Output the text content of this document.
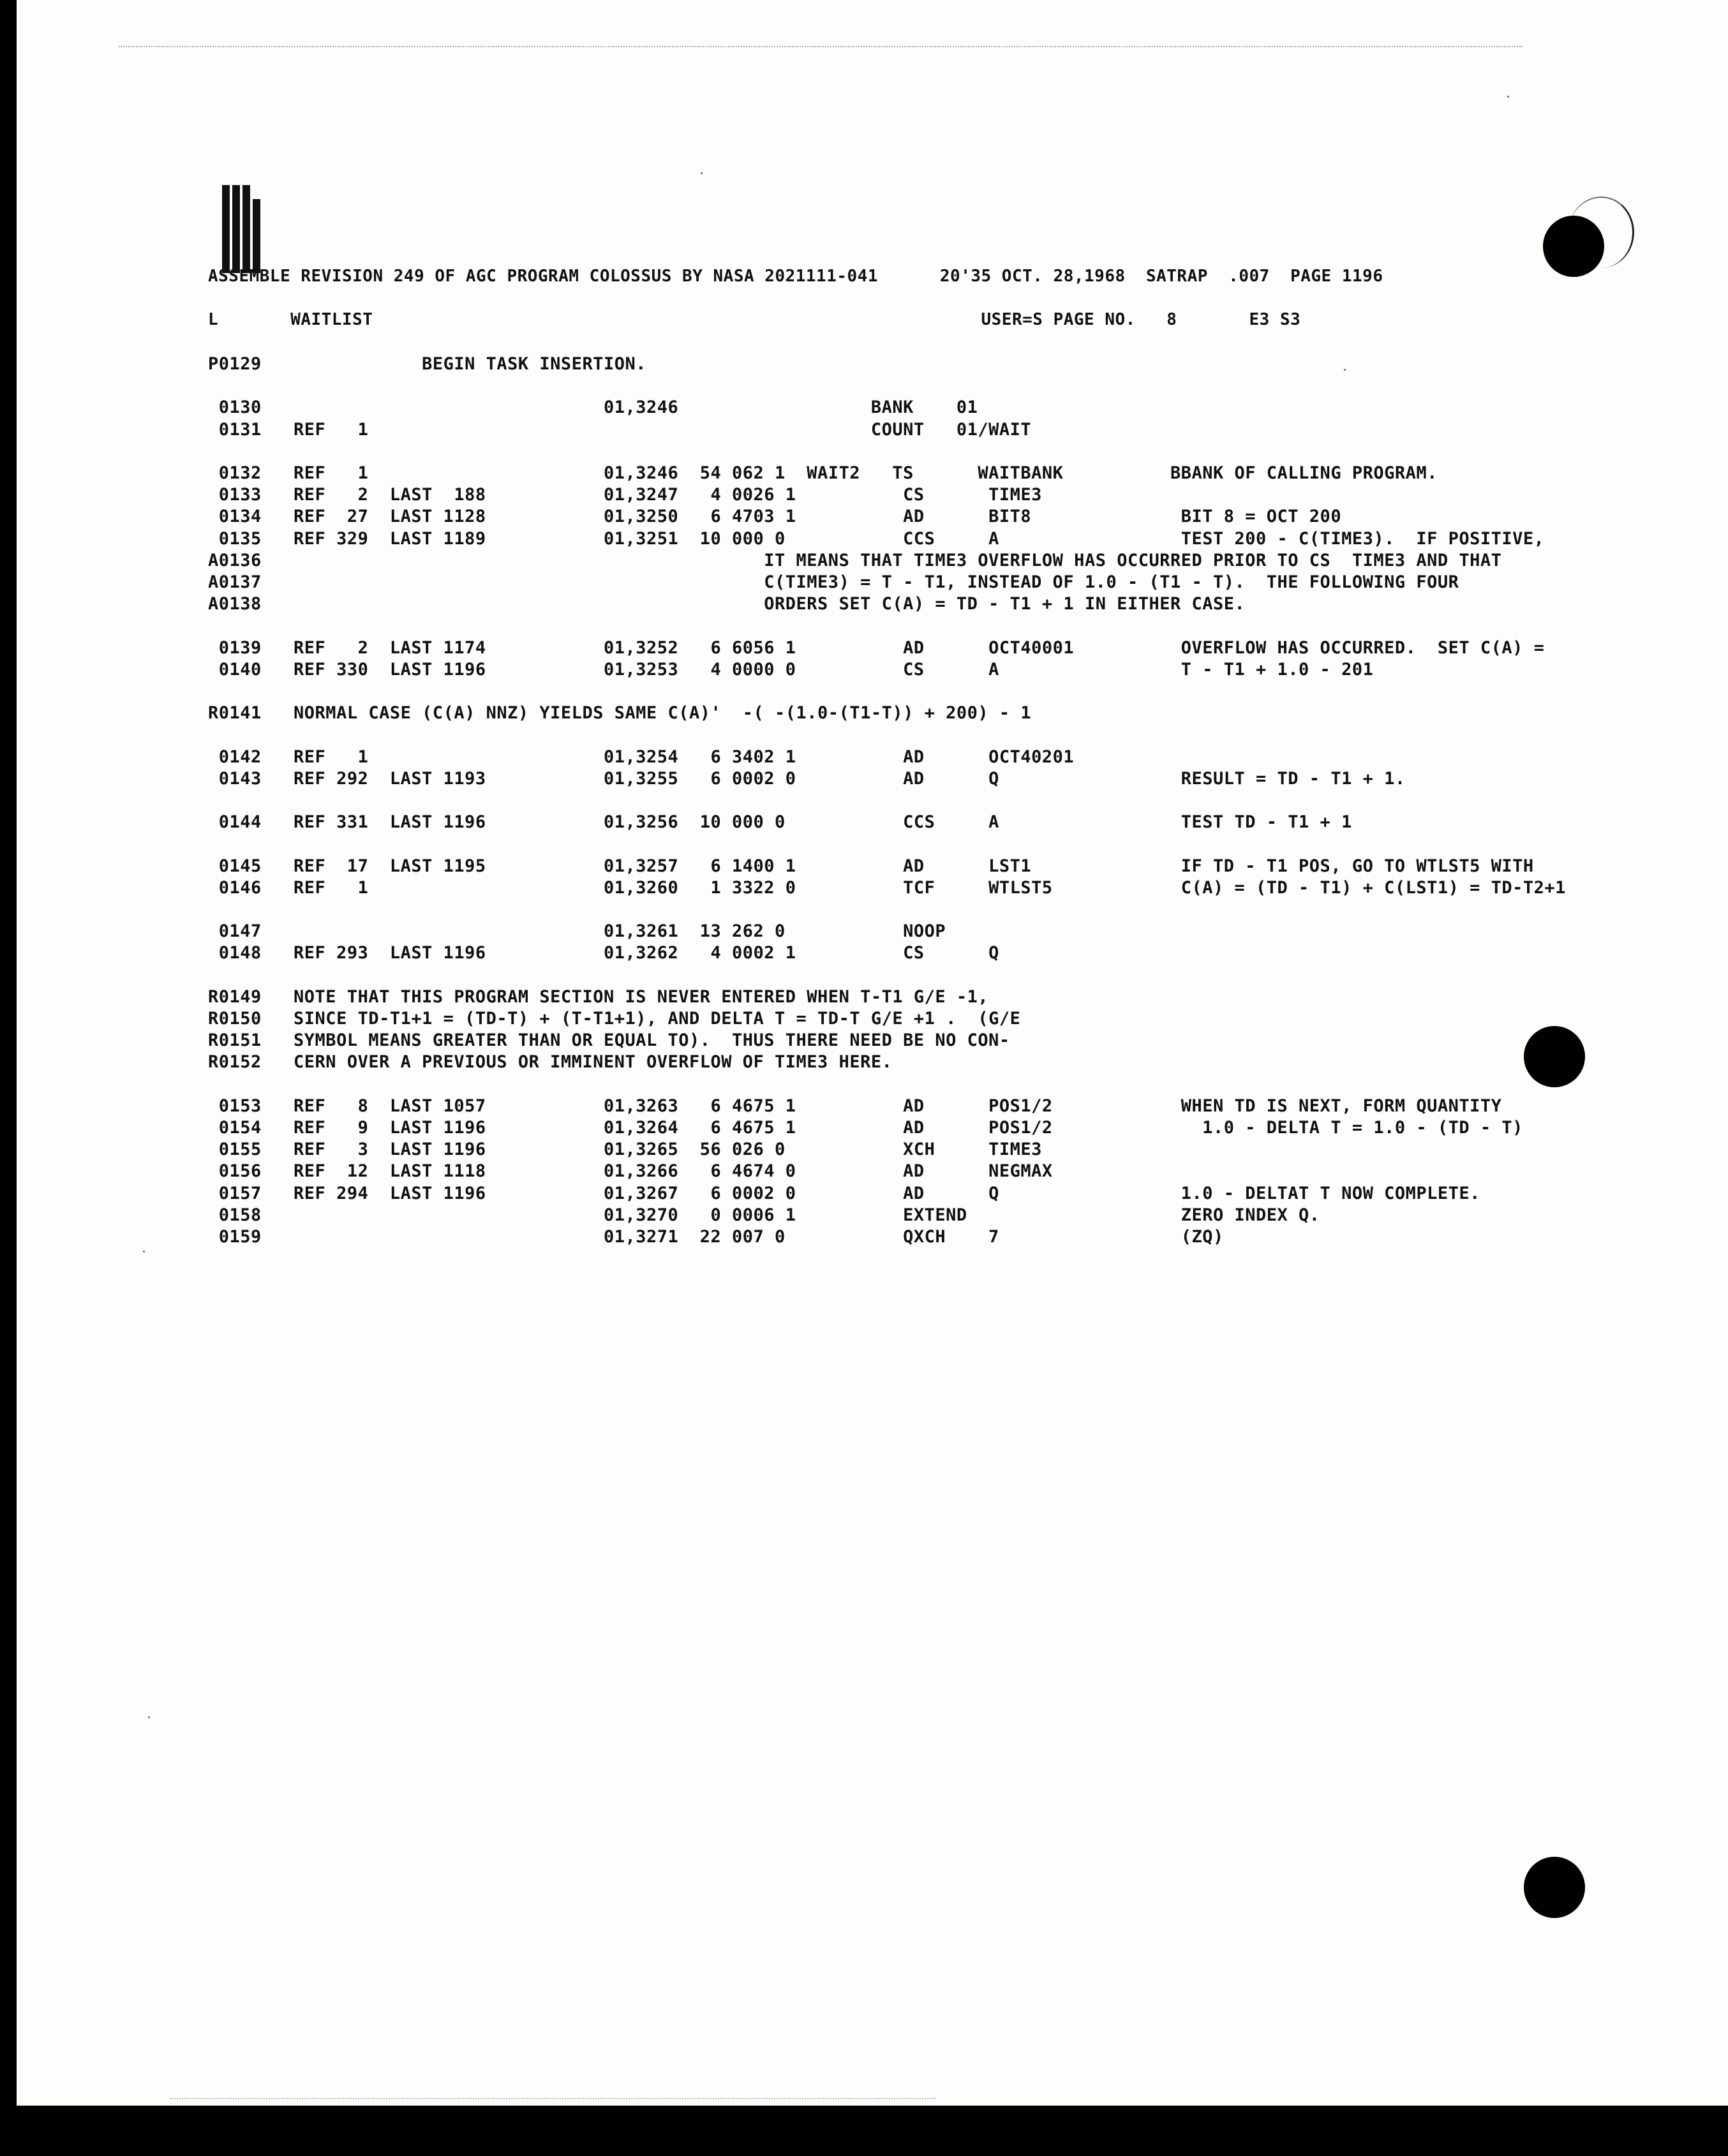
ASSEMBLE REVISION 249 OF AGC PROGRAM COLOSSUS BY NASA 2021111-041      20'35 OCT. 28,1968  SATRAP  .007  PAGE 1196
L       WAITLIST                                                           USER=S PAGE NO.   8       E3 S3
P0129               BEGIN TASK INSERTION.
0130                                01,3246                  BANK    01
0131   REF   1                                               COUNT   01/WAIT
0132   REF   1                      01,3246  54 062 1  WAIT2   TS      WAITBANK          BBANK OF CALLING PROGRAM.
0133   REF   2  LAST  188           01,3247   4 0026 1          CS      TIME3
0134   REF  27  LAST 1128           01,3250   6 4703 1          AD      BIT8              BIT 8 = OCT 200
0135   REF 329  LAST 1189           01,3251  10 000 0           CCS     A                 TEST 200 - C(TIME3).  IF POSITIVE,
A0136                                               IT MEANS THAT TIME3 OVERFLOW HAS OCCURRED PRIOR TO CS  TIME3 AND THAT
A0137                                               C(TIME3) = T - T1, INSTEAD OF 1.0 - (T1 - T).  THE FOLLOWING FOUR
A0138                                               ORDERS SET C(A) = TD - T1 + 1 IN EITHER CASE.
0139   REF   2  LAST 1174           01,3252   6 6056 1          AD      OCT40001          OVERFLOW HAS OCCURRED.  SET C(A) =
0140   REF 330  LAST 1196           01,3253   4 0000 0          CS      A                 T - T1 + 1.0 - 201
R0141   NORMAL CASE (C(A) NNZ) YIELDS SAME C(A)'  -( -(1.0-(T1-T)) + 200) - 1
0142   REF   1                      01,3254   6 3402 1          AD      OCT40201
0143   REF 292  LAST 1193           01,3255   6 0002 0          AD      Q                 RESULT = TD - T1 + 1.
0144   REF 331  LAST 1196           01,3256  10 000 0           CCS     A                 TEST TD - T1 + 1
0145   REF  17  LAST 1195           01,3257   6 1400 1          AD      LST1              IF TD - T1 POS, GO TO WTLST5 WITH
0146   REF   1                      01,3260   1 3322 0          TCF     WTLST5            C(A) = (TD - T1) + C(LST1) = TD-T2+1
0147                                01,3261  13 262 0           NOOP
0148   REF 293  LAST 1196           01,3262   4 0002 1          CS      Q
R0149   NOTE THAT THIS PROGRAM SECTION IS NEVER ENTERED WHEN T-T1 G/E -1,
R0150   SINCE TD-T1+1 = (TD-T) + (T-T1+1), AND DELTA T = TD-T G/E +1 .  (G/E
R0151   SYMBOL MEANS GREATER THAN OR EQUAL TO).  THUS THERE NEED BE NO CON-
R0152   CERN OVER A PREVIOUS OR IMMINENT OVERFLOW OF TIME3 HERE.
0153   REF   8  LAST 1057           01,3263   6 4675 1          AD      POS1/2            WHEN TD IS NEXT, FORM QUANTITY
0154   REF   9  LAST 1196           01,3264   6 4675 1          AD      POS1/2              1.0 - DELTA T = 1.0 - (TD - T)
0155   REF   3  LAST 1196           01,3265  56 026 0           XCH     TIME3
0156   REF  12  LAST 1118           01,3266   6 4674 0          AD      NEGMAX
0157   REF 294  LAST 1196           01,3267   6 0002 0          AD      Q                 1.0 - DELTAT T NOW COMPLETE.
0158                                01,3270   0 0006 1          EXTEND                    ZERO INDEX Q.
0159                                01,3271  22 007 0           QXCH    7                 (ZQ)
